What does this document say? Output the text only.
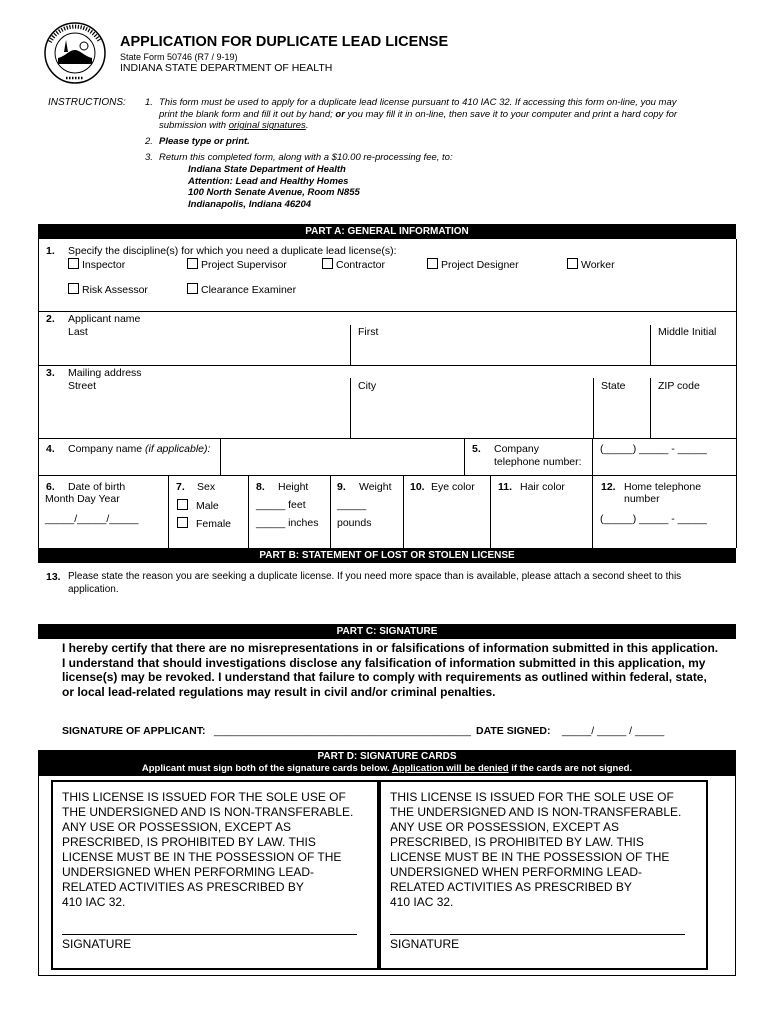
APPLICATION FOR DUPLICATE LEAD LICENSE
State Form 50746 (R7 / 9-19)
INDIANA STATE DEPARTMENT OF HEALTH
INSTRUCTIONS: 1. This form must be used to apply for a duplicate lead license pursuant to 410 IAC 32. If accessing this form on-line, you may
print the blank form and fill it out by hand; or you may fill it in on-line, then save it to your computer and print a hard copy for
submission with original signatures.
2. Please type or print.
3. Return this completed form, along with a $10.00 re-processing fee, to:
Indiana State Department of Health
Attention: Lead and Healthy Homes
100 North Senate Avenue, Room N855
Indianapolis, Indiana 46204
PART A: GENERAL INFORMATION
1. Specify the discipline(s) for which you need a duplicate lead license(s):
Inspector	Project Supervisor	Contractor	Project Designer	Worker
Risk Assessor	Clearance Examiner
2. Applicant name
Last	First	Middle Initial
3. Mailing address
Street	City	State	ZIP code
4. Company name (if applicable):	5. Company
telephone number:
(_____) _____ - _____
6. Date of birth
Month Day Year
_____/_____/_____
7. Sex
Male
Female
8. Height
_____ feet
_____ inches
9. Weight
_____
pounds
10. Eye color 11. Hair color	12. Home telephone
number
(_____) _____ - _____
PART B: STATEMENT OF LOST OR STOLEN LICENSE
13. Please state the reason you are seeking a duplicate license. If you need more space than is available, please attach a second sheet to this
application.
PART C: SIGNATURE
I hereby certify that there are no misrepresentations in or falsifications of information submitted in this application. I understand that should investigations disclose any falsification of information submitted in this application, my license(s) may be revoked. I understand that failure to comply with requirements as outlined within federal, state, or local lead-related regulations may result in civil and/or criminal penalties.
SIGNATURE OF APPLICANT: ____________________________________________ DATE SIGNED: _____/ _____ / _____
PART D: SIGNATURE CARDS
Applicant must sign both of the signature cards below. Application will be denied if the cards are not signed.
THIS LICENSE IS ISSUED FOR THE SOLE USE OF
THE UNDERSIGNED AND IS NON-TRANSFERABLE.
ANY USE OR POSSESSION, EXCEPT AS
PRESCRIBED, IS PROHIBITED BY LAW. THIS
LICENSE MUST BE IN THE POSSESSION OF THE
UNDERSIGNED WHEN PERFORMING LEAD-
RELATED ACTIVITIES AS PRESCRIBED BY
410 IAC 32.
SIGNATURE
THIS LICENSE IS ISSUED FOR THE SOLE USE OF
THE UNDERSIGNED AND IS NON-TRANSFERABLE.
ANY USE OR POSSESSION, EXCEPT AS
PRESCRIBED, IS PROHIBITED BY LAW. THIS
LICENSE MUST BE IN THE POSSESSION OF THE
UNDERSIGNED WHEN PERFORMING LEAD-
RELATED ACTIVITIES AS PRESCRIBED BY
410 IAC 32.
SIGNATURE
